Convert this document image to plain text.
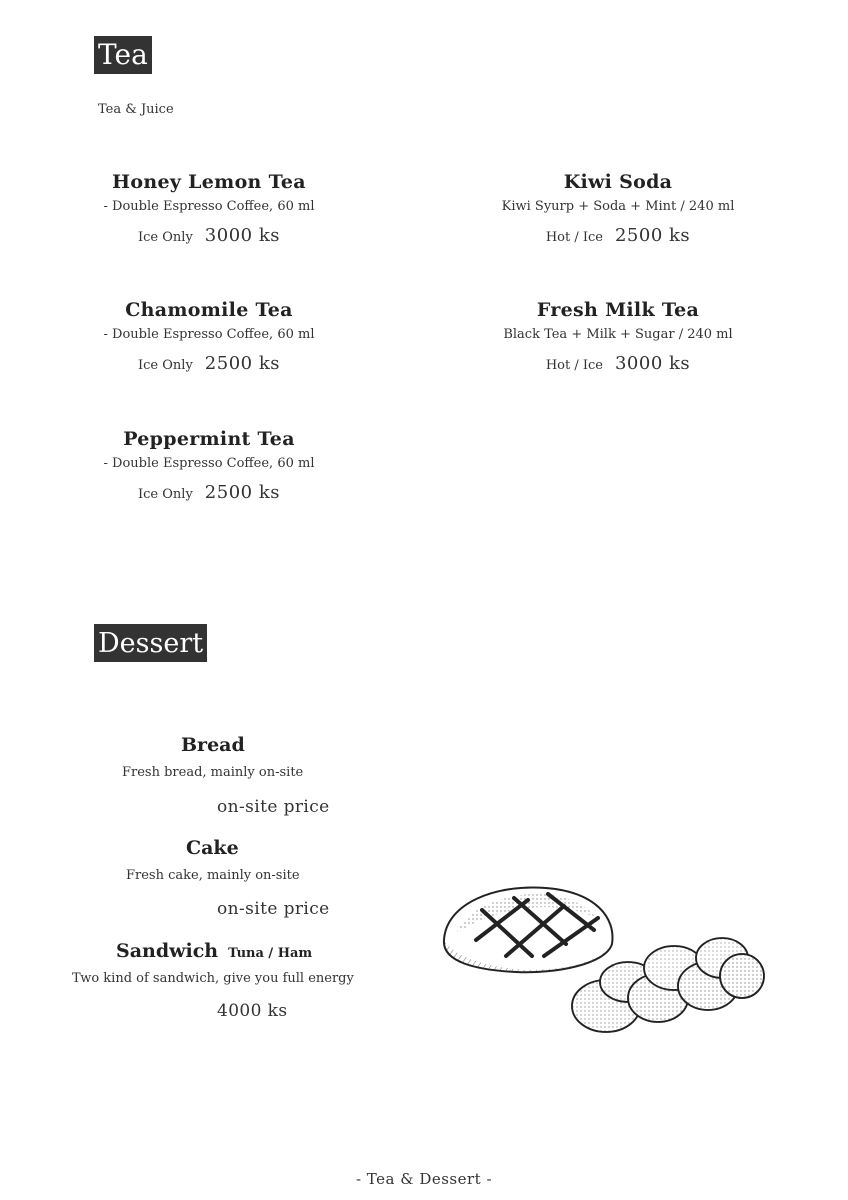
Tea
Tea & Juice
Honey Lemon Tea
- Double Espresso Coffee, 60 ml
Ice Only 3000 ks
Chamomile Tea
- Double Espresso Coffee, 60 ml
Ice Only 2500 ks
Peppermint Tea
- Double Espresso Coffee, 60 ml
Ice Only 2500 ks
Kiwi Soda
Kiwi Syurp + Soda + Mint / 240 ml
Hot / Ice 2500 ks
Fresh Milk Tea
Black Tea + Milk + Sugar / 240 ml
Hot / Ice 3000 ks
Dessert
Bread
Fresh bread, mainly on-site
on-site price
Cake
Fresh cake, mainly on-site
on-site price
Sandwich Tuna / Ham
Two kind of sandwich, give you full energy
4000 ks
- Tea & Dessert -
